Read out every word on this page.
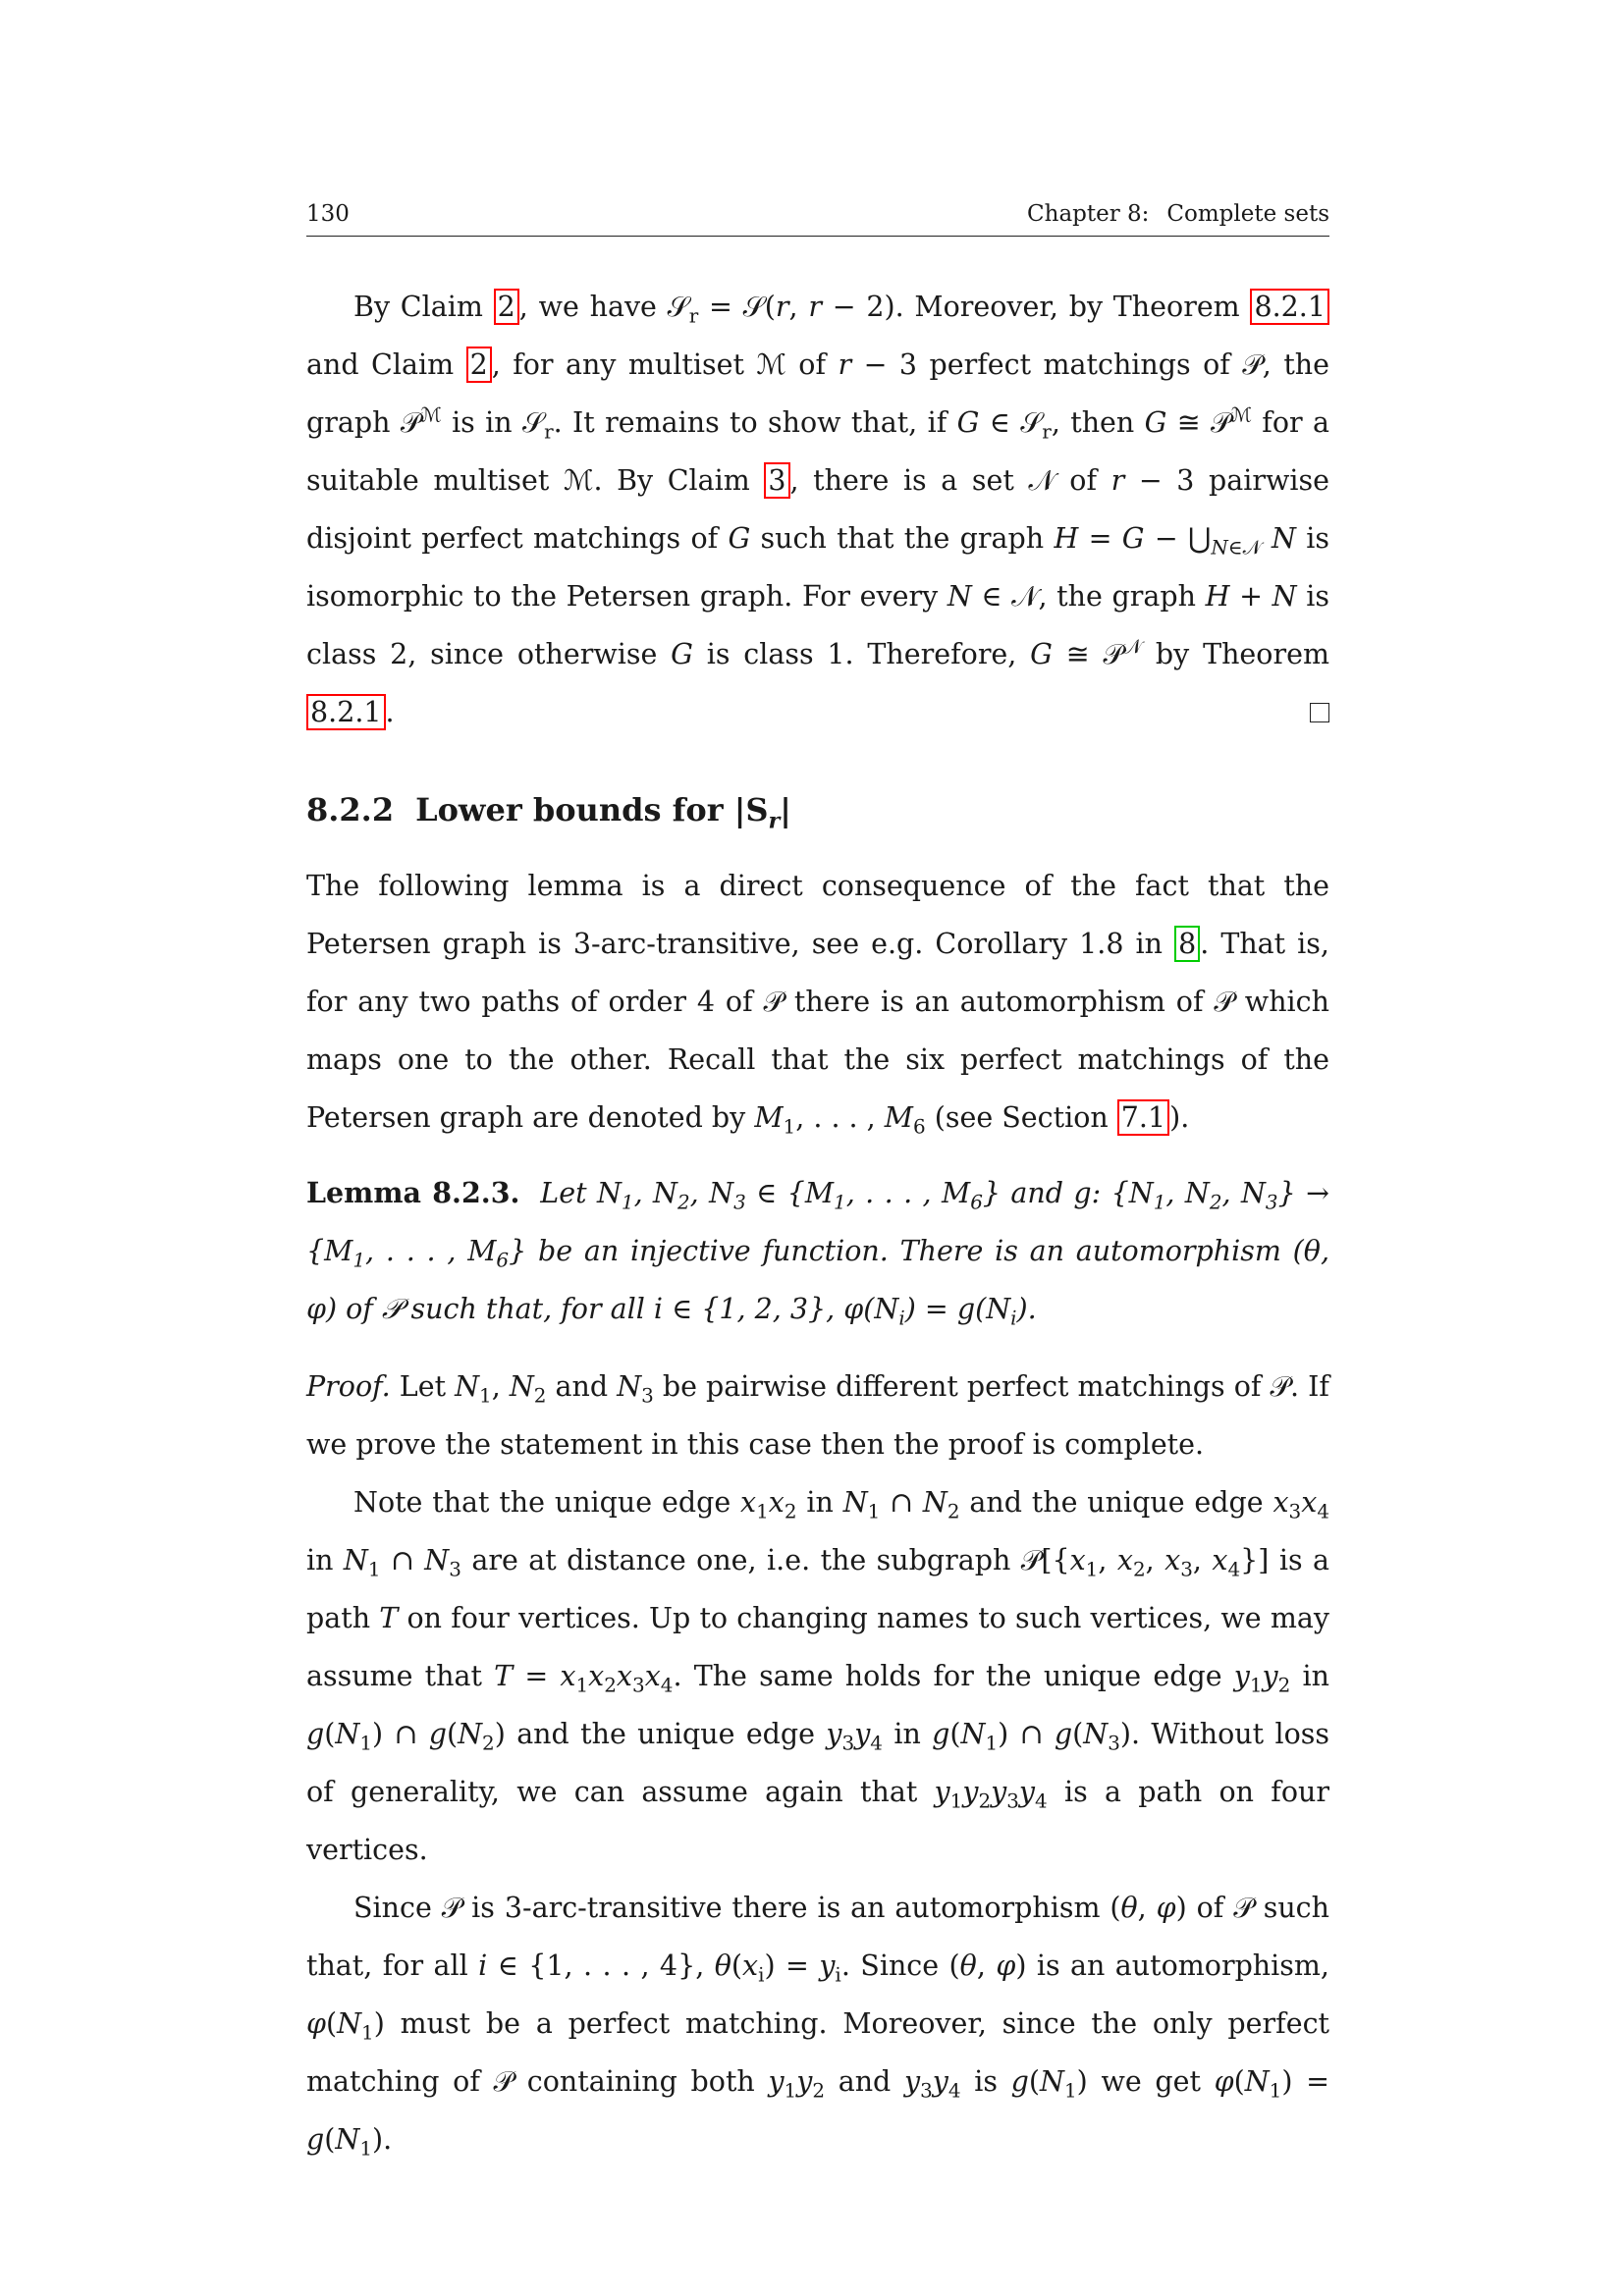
130	Chapter 8: Complete sets

By Claim 2 , we have 𝒮$_r$ = 𝒮(r, r − 2). Moreover, by Theorem 8.2.1 and Claim 2 , for any multiset ℳ of r − 3 perfect matchings of 𝒫, the graph 𝒫$^ℳ$ is in 𝒮$_r$. It remains to show that, if G ∈ 𝒮$_r$, then G ≅ 𝒫$^ℳ$ for a suitable multiset ℳ. By Claim 3 , there is a set 𝒩 of r − 3 pairwise disjoint perfect matchings of G such that the graph $H = G - ⋃_{N\in 𝒩}$ N is isomorphic to the Petersen graph. For every N ∈ 𝒩, the graph H + N is class 2, since otherwise G is class 1. Therefore, G ≅ 𝒫$^𝒩$ by Theorem 8.2.1 .

8.2.2 Lower bounds for $|S_r|$

The following lemma is a direct consequence of the fact that the Petersen graph is 3-arc-transitive, see e.g. Corollary 1.8 in 8 . That is, for any two paths of order 4 of 𝒫 there is an automorphism of 𝒫 which maps one to the other. Recall that the six perfect matchings of the Petersen graph are denoted by $M_1$, . . . , $M_6$ (see Section 7.1 ).

Lemma 8.2.3. Let $N_1$, $N_2$, $N_3$ ∈ {$M_1$, . . . , $M_6$} and g: {$N_1$, $N_2$, $N_3\} \to \{M_1$, . . . , $M_6$} be an injective function. There is an automorphism (θ, φ) of 𝒫 such that, for all i ∈ {1, 2, 3}, $\varphi(N_i) = g(N_i)$.

Proof. Let $N_1$, $N_2$ and $N_3$ be pairwise different perfect matchings of 𝒫. If we prove the statement in this case then the proof is complete.

Note that the unique edge $x_1x_2$ in $N_1$ ∩ $N_2$ and the unique edge $x_3x_4$ in $N_1$ ∩ $N_3$ are at distance one, i.e. the subgraph $𝒫[\{x_1$, $x_2$, $x_3$, $x_4$}] is a path T on four vertices. Up to changing names to such vertices, we may assume that $T = x_1x_2x_3x_4$. The same holds for the unique edge $y_1y_2$ in $g(N_1)$ ∩ $g(N_2)$ and the unique edge $y_3y_4$ in $g(N_1)$ ∩ $g(N_3)$. Without loss of generality, we can assume again that $y_1y_2y_3y_4$ is a path on four vertices.

Since 𝒫 is 3-arc-transitive there is an automorphism (θ, φ) of 𝒫 such that, for all i ∈ {1, . . . , 4}, $\theta(x_i) = y_i$. Since (θ, φ) is an automorphism, $\varphi(N_1)$ must be a perfect matching. Moreover, since the only perfect matching of 𝒫 containing both $y_1y_2$ and $y_3y_4$ is $g(N_1)$ we get $\varphi(N_1) = g(N_1)$.
